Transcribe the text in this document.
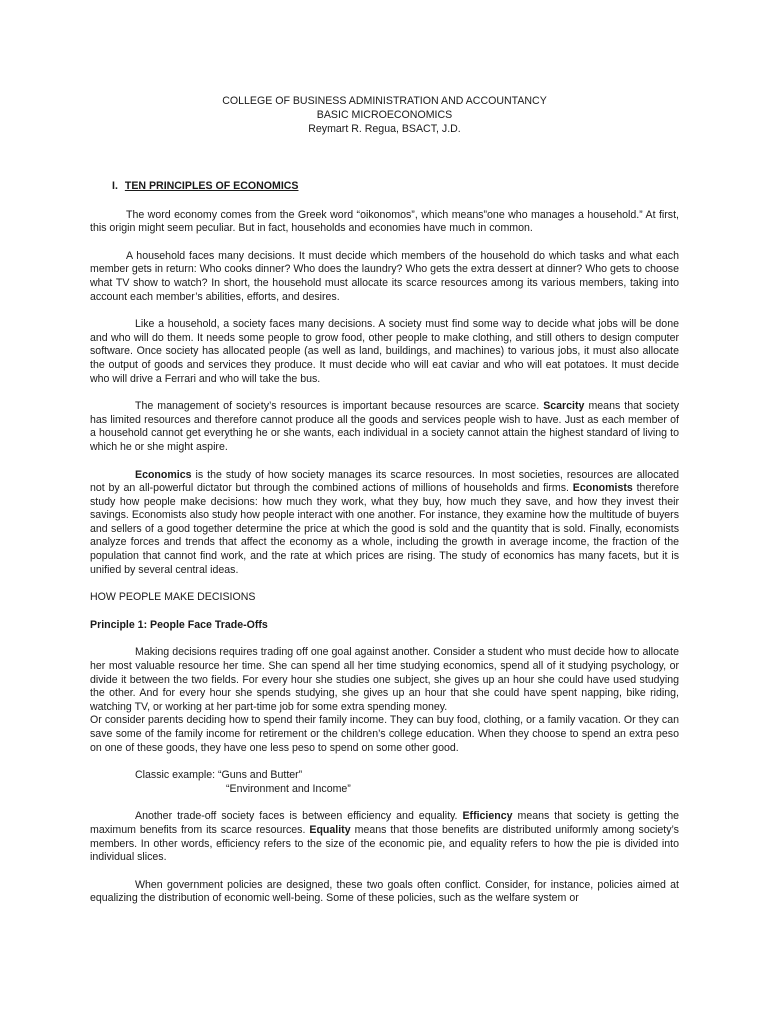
COLLEGE OF BUSINESS ADMINISTRATION AND ACCOUNTANCY
BASIC MICROECONOMICS
Reymart R. Regua, BSACT, J.D.
I. TEN PRINCIPLES OF ECONOMICS

The word economy comes from the Greek word “oikonomos”, which means”one who manages a household.” At first, this origin might seem peculiar. But in fact, households and economies have much in common.

A household faces many decisions. It must decide which members of the household do which tasks and what each member gets in return: Who cooks dinner? Who does the laundry? Who gets the extra dessert at dinner? Who gets to choose what TV show to watch? In short, the household must allocate its scarce resources among its various members, taking into account each member’s abilities, efforts, and desires.

Like a household, a society faces many decisions. A society must find some way to decide what jobs will be done and who will do them. It needs some people to grow food, other people to make clothing, and still others to design computer software. Once society has allocated people (as well as land, buildings, and machines) to various jobs, it must also allocate the output of goods and services they produce. It must decide who will eat caviar and who will eat potatoes. It must decide who will drive a Ferrari and who will take the bus.

The management of society’s resources is important because resources are scarce. Scarcity means that society has limited resources and therefore cannot produce all the goods and services people wish to have. Just as each member of a household cannot get everything he or she wants, each individual in a society cannot attain the highest standard of living to which he or she might aspire.

Economics is the study of how society manages its scarce resources. In most societies, resources are allocated not by an all-powerful dictator but through the combined actions of millions of households and firms. Economists therefore study how people make decisions: how much they work, what they buy, how much they save, and how they invest their savings. Economists also study how people interact with one another. For instance, they examine how the multitude of buyers and sellers of a good together determine the price at which the good is sold and the quantity that is sold. Finally, economists analyze forces and trends that affect the economy as a whole, including the growth in average income, the fraction of the population that cannot find work, and the rate at which prices are rising. The study of economics has many facets, but it is unified by several central ideas.

HOW PEOPLE MAKE DECISIONS
Principle 1: People Face Trade-Offs

Making decisions requires trading off one goal against another. Consider a student who must decide how to allocate her most valuable resource her time. She can spend all her time studying economics, spend all of it studying psychology, or divide it between the two fields. For every hour she studies one subject, she gives up an hour she could have used studying the other. And for every hour she spends studying, she gives up an hour that she could have spent napping, bike riding, watching TV, or working at her part-time job for some extra spending money.

Or consider parents deciding how to spend their family income. They can buy food, clothing, or a family vacation. Or they can save some of the family income for retirement or the children’s college education. When they choose to spend an extra peso on one of these goods, they have one less peso to spend on some other good.

Classic example: “Guns and Butter”
“Environment and Income”

Another trade-off society faces is between efficiency and equality. Efficiency means that society is getting the maximum benefits from its scarce resources. Equality means that those benefits are distributed uniformly among society’s members. In other words, efficiency refers to the size of the economic pie, and equality refers to how the pie is divided into individual slices.

When government policies are designed, these two goals often conflict. Consider, for instance, policies aimed at equalizing the distribution of economic well-being. Some of these policies, such as the welfare system or
